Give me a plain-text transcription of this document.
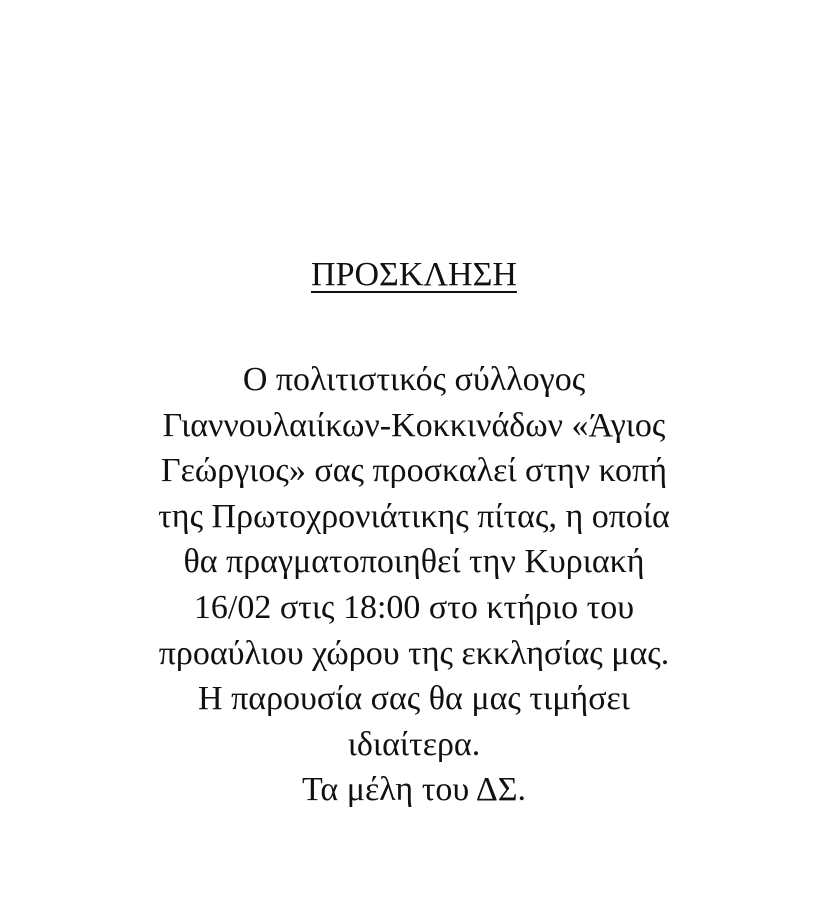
ΠΡΟΣΚΛΗΣΗ

Ο πολιτιστικός σύλλογος
Γιαννουλαιίκων-Κοκκινάδων «Άγιος
Γεώργιος» σας προσκαλεί στην κοπή
της Πρωτοχρονιάτικης πίτας, η οποία
θα πραγματοποιηθεί την Κυριακή
16/02 στις 18:00 στο κτήριο του
προαύλιου χώρου της εκκλησίας μας.
Η παρουσία σας θα μας τιμήσει
ιδιαίτερα.
Τα μέλη του ΔΣ.
